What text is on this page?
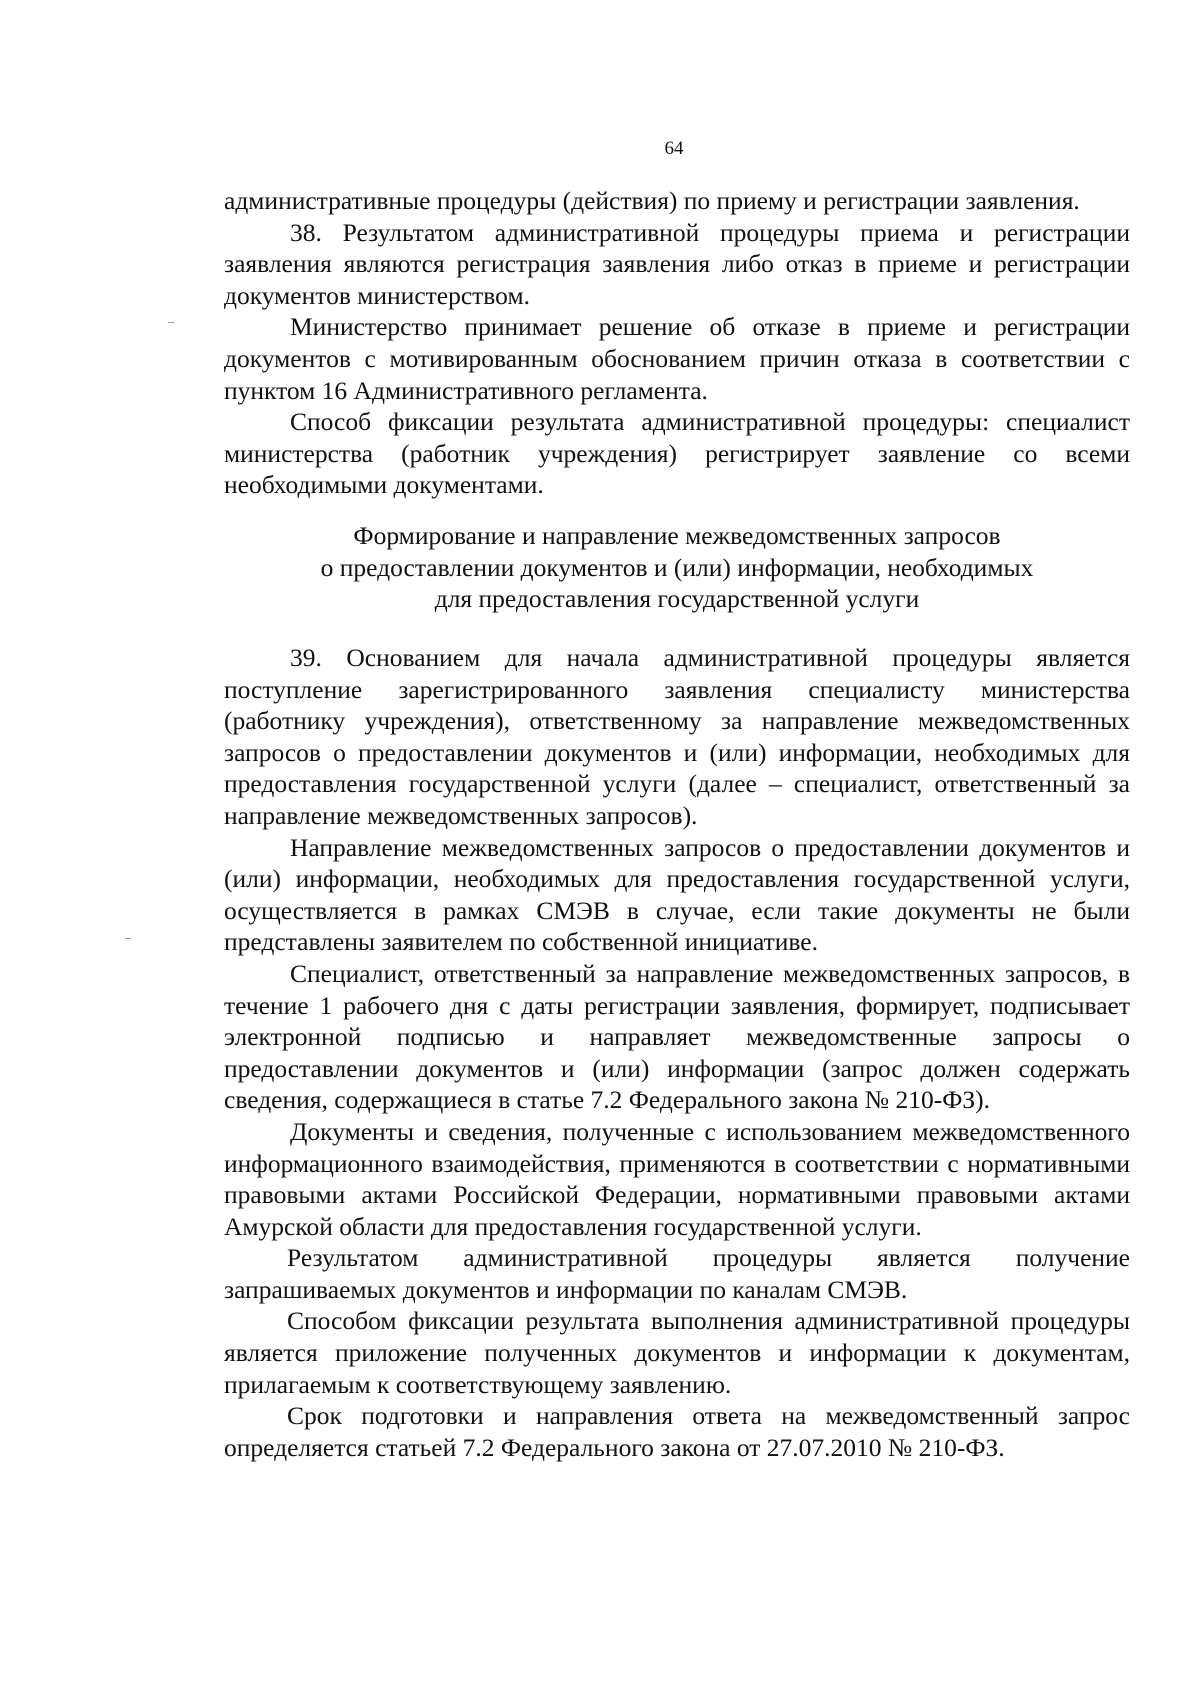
64

административные процедуры (действия) по приему и регистрации заявления.

38. Результатом административной процедуры приема и регистрации заявления являются регистрация заявления либо отказ в приеме и регистрации документов министерством.

Министерство принимает решение об отказе в приеме и регистрации документов с мотивированным обоснованием причин отказа в соответствии с пунктом 16 Административного регламента.

Способ фиксации результата административной процедуры: специалист министерства (работник учреждения) регистрирует заявление со всеми необходимыми документами.

Формирование и направление межведомственных запросов
о предоставлении документов и (или) информации, необходимых
для предоставления государственной услуги

39. Основанием для начала административной процедуры является поступление зарегистрированного заявления специалисту министерства (работнику учреждения), ответственному за направление межведомственных запросов о предоставлении документов и (или) информации, необходимых для предоставления государственной услуги (далее – специалист, ответственный за направление межведомственных запросов).

Направление межведомственных запросов о предоставлении документов и (или) информации, необходимых для предоставления государственной услуги, осуществляется в рамках СМЭВ в случае, если такие документы не были представлены заявителем по собственной инициативе.

Специалист, ответственный за направление межведомственных запросов, в течение 1 рабочего дня с даты регистрации заявления, формирует, подписывает электронной подписью и направляет межведомственные запросы о предоставлении документов и (или) информации (запрос должен содержать сведения, содержащиеся в статье 7.2 Федерального закона № 210-ФЗ).

Документы и сведения, полученные с использованием межведомственного информационного взаимодействия, применяются в соответствии с нормативными правовыми актами Российской Федерации, нормативными правовыми актами Амурской области для предоставления государственной услуги.

Результатом административной процедуры является получение запрашиваемых документов и информации по каналам СМЭВ.

Способом фиксации результата выполнения административной процедуры является приложение полученных документов и информации к документам, прилагаемым к соответствующему заявлению.

Срок подготовки и направления ответа на межведомственный запрос определяется статьей 7.2 Федерального закона от 27.07.2010 № 210-ФЗ.
